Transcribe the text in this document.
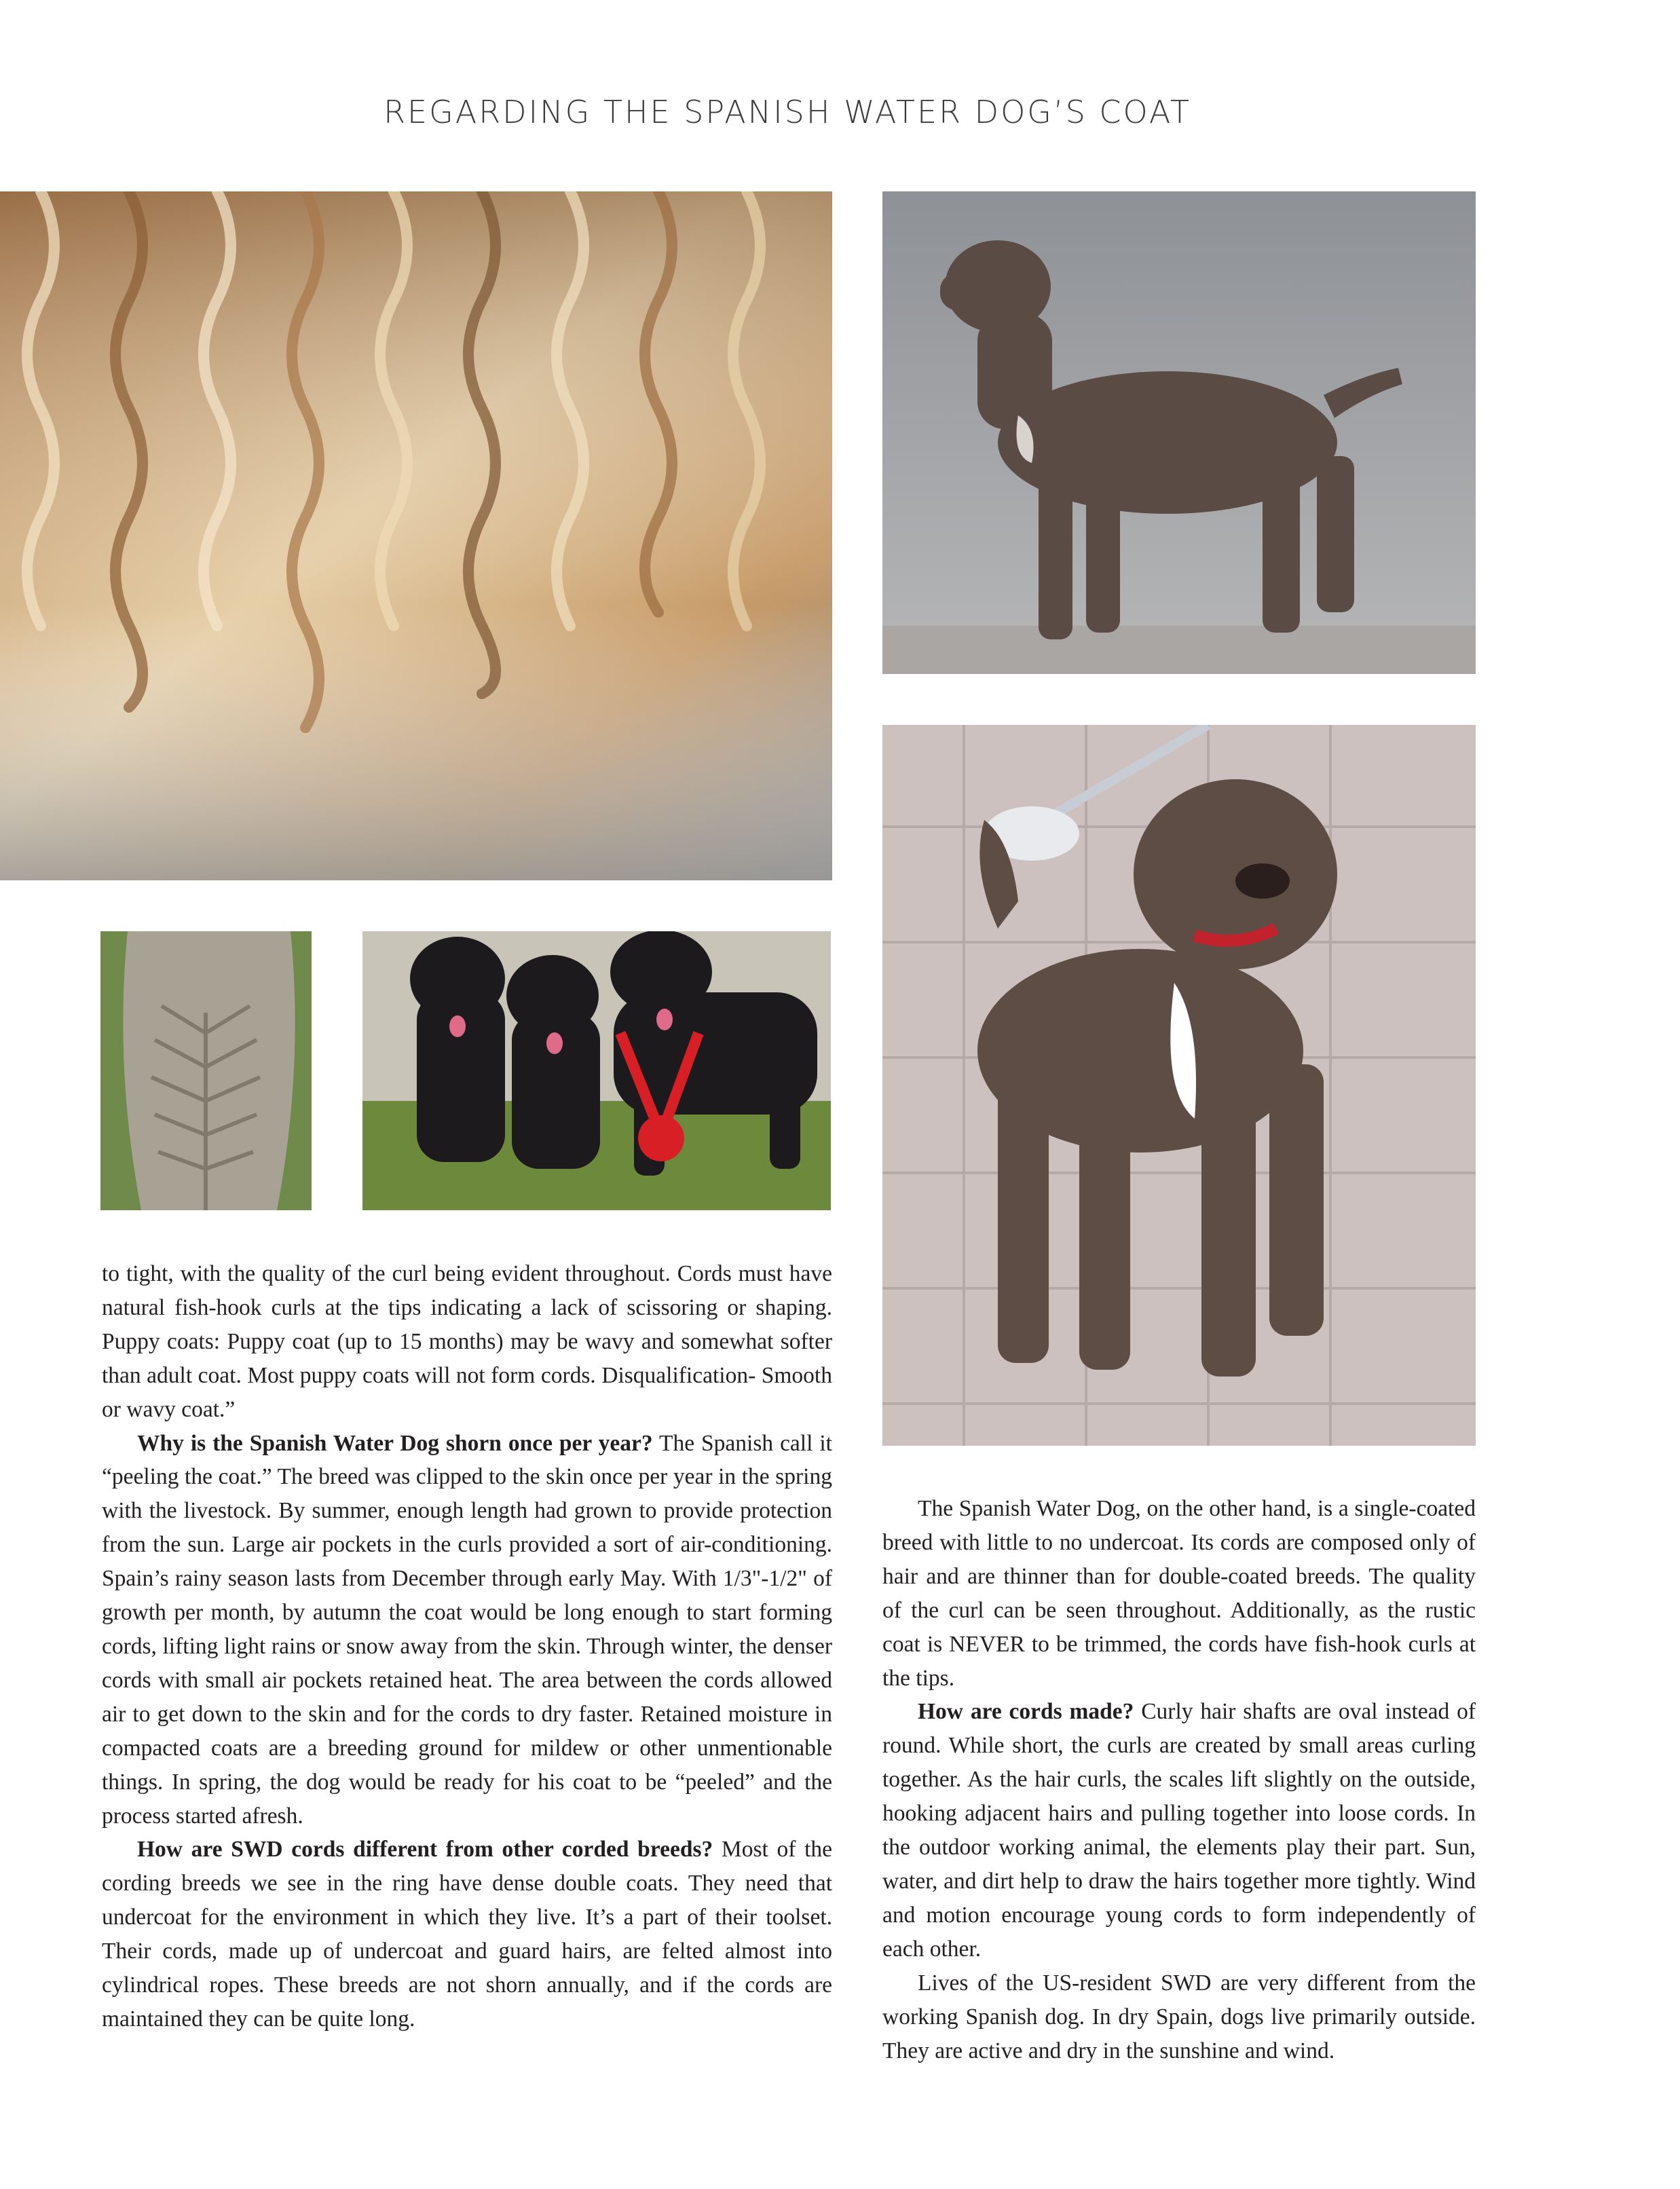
REGARDING THE SPANISH WATER DOG’S COAT

to tight, with the quality of the curl being evident throughout. Cords must have natural fish-hook curls at the tips indicating a lack of scissoring or shaping. Puppy coats: Puppy coat (up to 15 months) may be wavy and somewhat softer than adult coat. Most puppy coats will not form cords. Disqualification- Smooth or wavy coat.”

Why is the Spanish Water Dog shorn once per year? The Spanish call it “peeling the coat.” The breed was clipped to the skin once per year in the spring with the livestock. By summer, enough length had grown to provide protection from the sun. Large air pockets in the curls provided a sort of air-conditioning. Spain’s rainy season lasts from December through early May. With 1/3"-1/2" of growth per month, by autumn the coat would be long enough to start forming cords, lifting light rains or snow away from the skin. Through winter, the denser cords with small air pockets retained heat. The area between the cords allowed air to get down to the skin and for the cords to dry faster. Retained moisture in compacted coats are a breeding ground for mildew or other unmentionable things. In spring, the dog would be ready for his coat to be “peeled” and the process started afresh.

How are SWD cords different from other corded breeds? Most of the cording breeds we see in the ring have dense double coats. They need that undercoat for the environment in which they live. It’s a part of their toolset. Their cords, made up of undercoat and guard hairs, are felted almost into cylindrical ropes. These breeds are not shorn annually, and if the cords are maintained they can be quite long.

The Spanish Water Dog, on the other hand, is a single-coated breed with little to no undercoat. Its cords are composed only of hair and are thinner than for double-coated breeds. The quality of the curl can be seen throughout. Additionally, as the rustic coat is NEVER to be trimmed, the cords have fish-hook curls at the tips.

How are cords made? Curly hair shafts are oval instead of round. While short, the curls are created by small areas curling together. As the hair curls, the scales lift slightly on the outside, hooking adjacent hairs and pulling together into loose cords. In the outdoor working animal, the elements play their part. Sun, water, and dirt help to draw the hairs together more tightly. Wind and motion encourage young cords to form independently of each other.

Lives of the US-resident SWD are very different from the working Spanish dog. In dry Spain, dogs live primarily outside. They are active and dry in the sunshine and wind.
